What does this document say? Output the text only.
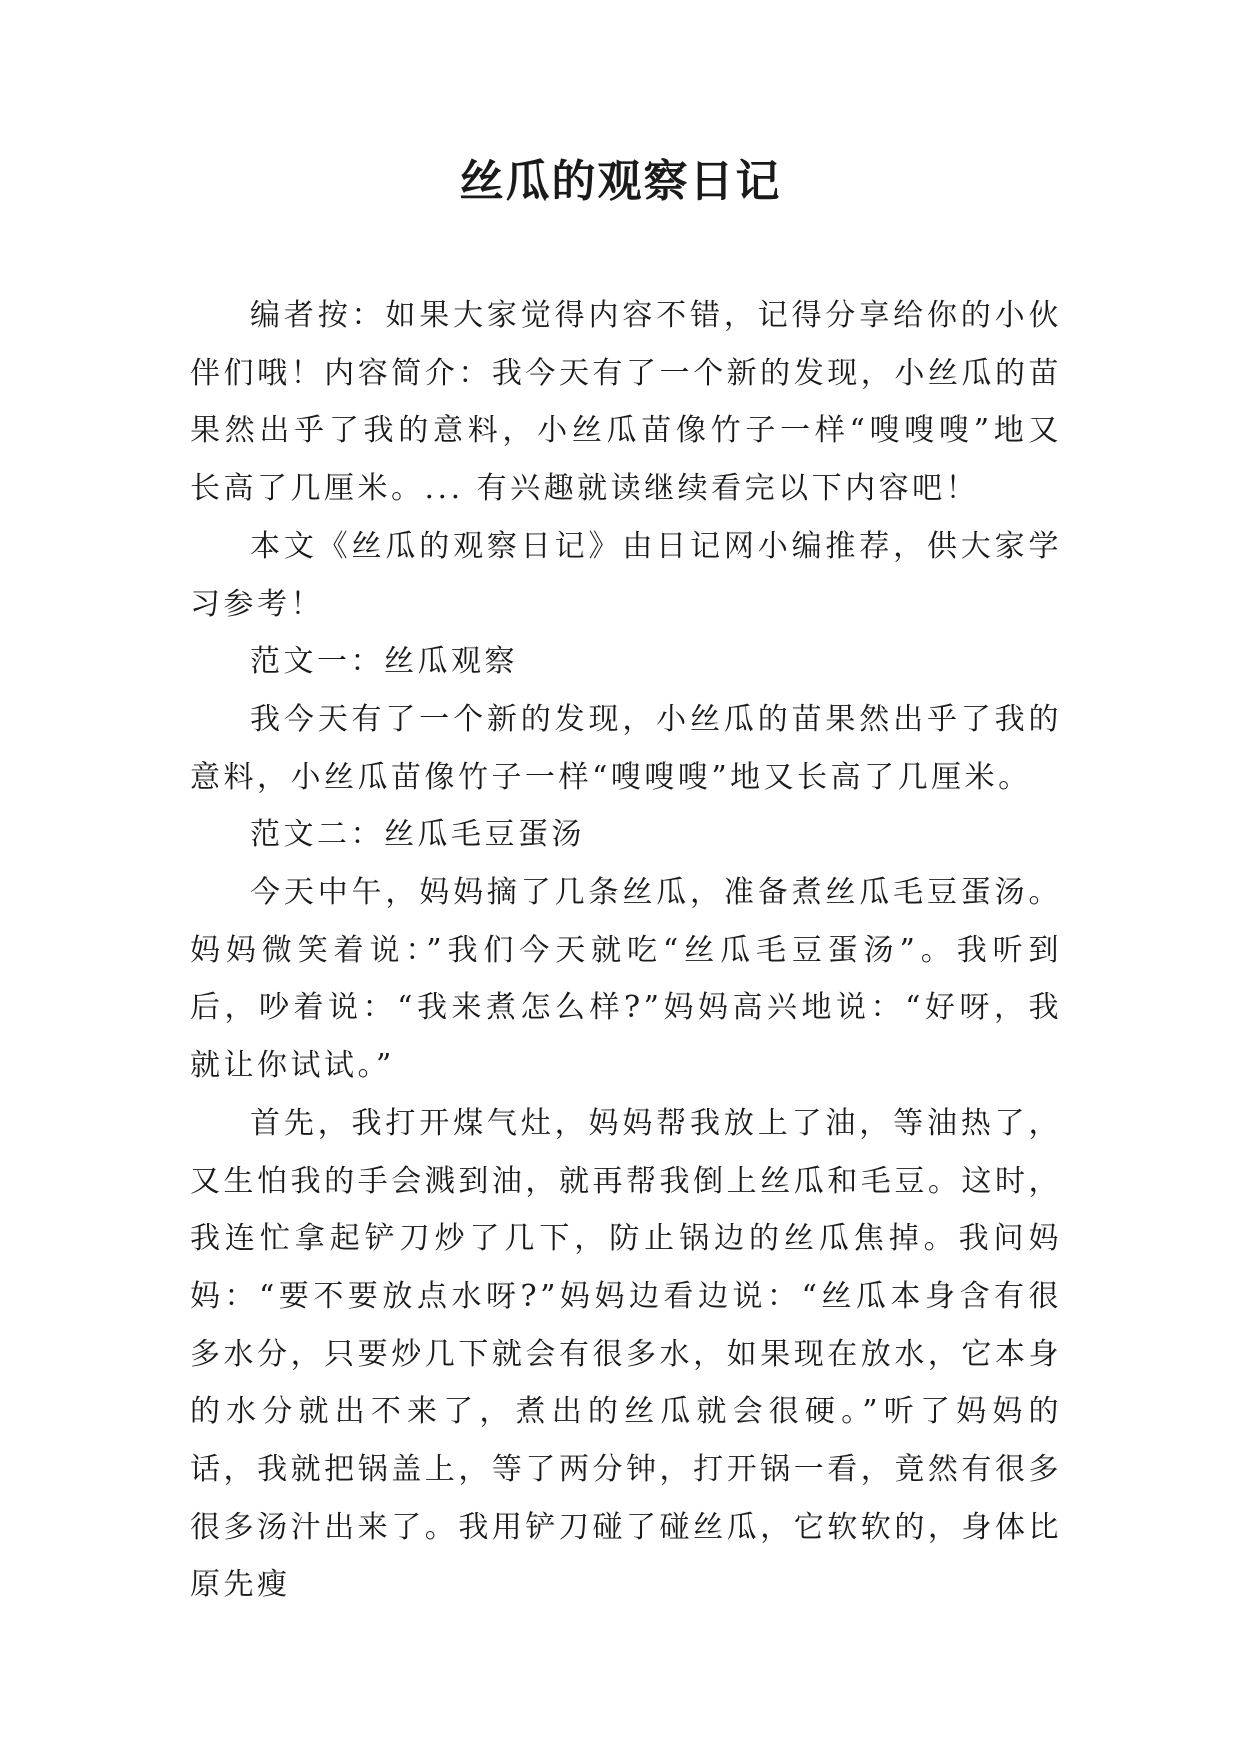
丝瓜的观察日记

编者按：如果大家觉得内容不错，记得分享给你的小伙伴们哦！内容简介：我今天有了一个新的发现，小丝瓜的苗果然出乎了我的意料，小丝瓜苗像竹子一样“嗖嗖嗖”地又长高了几厘米。... 有兴趣就读继续看完以下内容吧！

本文《丝瓜的观察日记》由日记网小编推荐，供大家学习参考！

范文一：丝瓜观察

我今天有了一个新的发现，小丝瓜的苗果然出乎了我的意料，小丝瓜苗像竹子一样“嗖嗖嗖”地又长高了几厘米。

范文二：丝瓜毛豆蛋汤

今天中午，妈妈摘了几条丝瓜，准备煮丝瓜毛豆蛋汤。妈妈微笑着说：”我们今天就吃“丝瓜毛豆蛋汤”。我听到后，吵着说：“我来煮怎么样?”妈妈高兴地说：“好呀，我就让你试试。”

首先，我打开煤气灶，妈妈帮我放上了油，等油热了，又生怕我的手会溅到油，就再帮我倒上丝瓜和毛豆。这时，我连忙拿起铲刀炒了几下，防止锅边的丝瓜焦掉。我问妈妈：“要不要放点水呀?”妈妈边看边说：“丝瓜本身含有很多水分，只要炒几下就会有很多水，如果现在放水，它本身的水分就出不来了，煮出的丝瓜就会很硬。”听了妈妈的话，我就把锅盖上，等了两分钟，打开锅一看，竟然有很多很多汤汁出来了。我用铲刀碰了碰丝瓜，它软软的，身体比原先瘦
